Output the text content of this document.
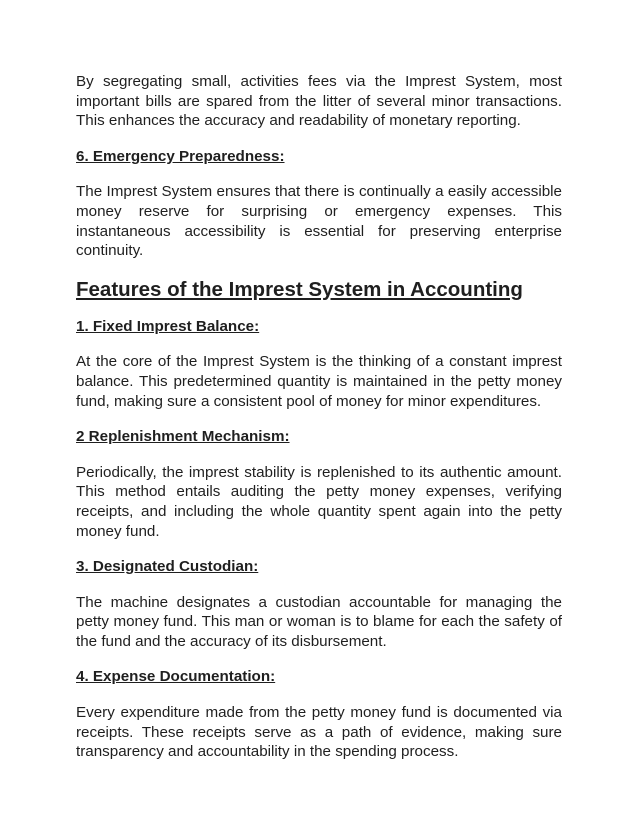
By segregating small, activities fees via the Imprest System, most important bills are spared from the litter of several minor transactions. This enhances the accuracy and readability of monetary reporting.

6. Emergency Preparedness:

The Imprest System ensures that there is continually a easily accessible money reserve for surprising or emergency expenses. This instantaneous accessibility is essential for preserving enterprise continuity.

Features of the Imprest System in Accounting

1. Fixed Imprest Balance:

At the core of the Imprest System is the thinking of a constant imprest balance. This predetermined quantity is maintained in the petty money fund, making sure a consistent pool of money for minor expenditures.

2 Replenishment Mechanism:

Periodically, the imprest stability is replenished to its authentic amount. This method entails auditing the petty money expenses, verifying receipts, and including the whole quantity spent again into the petty money fund.

3. Designated Custodian:

The machine designates a custodian accountable for managing the petty money fund. This man or woman is to blame for each the safety of the fund and the accuracy of its disbursement.

4. Expense Documentation:

Every expenditure made from the petty money fund is documented via receipts. These receipts serve as a path of evidence, making sure transparency and accountability in the spending process.
